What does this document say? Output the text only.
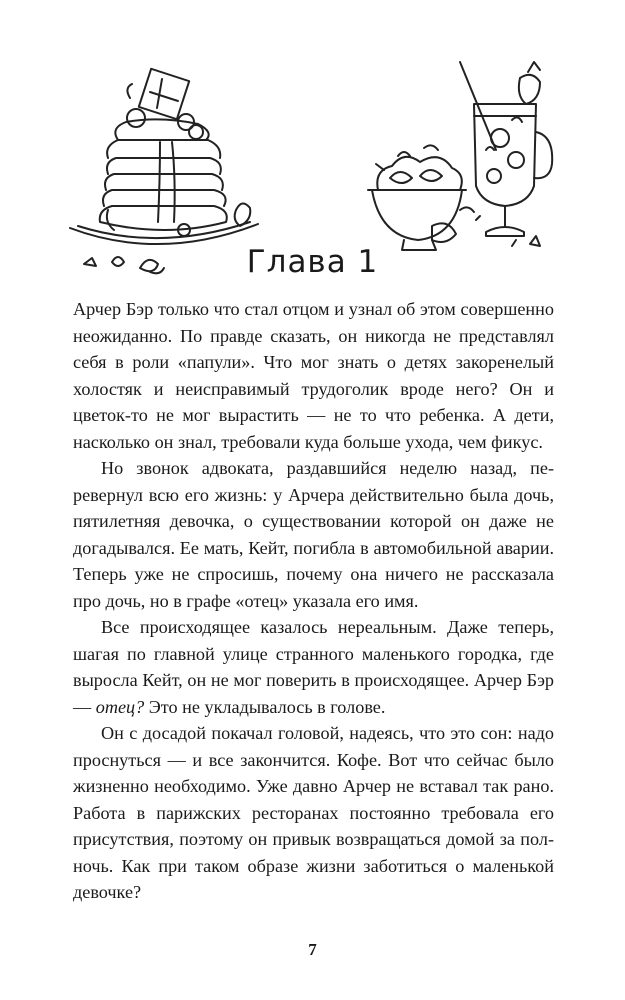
Глава 1

Арчер Бэр только что стал отцом и узнал об этом совершенно неожиданно. По правде сказать, он никогда не представлял себя в роли «папули». Что мог знать о детях закоренелый холостяк и неисправимый трудоголик вроде него? Он и цветок-то не мог вырастить — не то что ребенка. А дети, насколько он знал, требовали куда больше ухода, чем фикус.

Но звонок адвоката, раздавшийся неделю назад, перевернул всю его жизнь: у Арчера действительно была дочь, пятилетняя девочка, о существовании которой он даже не догадывался. Ее мать, Кейт, погибла в автомобильной аварии. Теперь уже не спросишь, почему она ничего не рассказала про дочь, но в графе «отец» указала его имя.

Все происходящее казалось нереальным. Даже теперь, шагая по главной улице странного маленького городка, где выросла Кейт, он не мог поверить в происходящее. Арчер Бэр — отец? Это не укладывалось в голове.

Он с досадой покачал головой, надеясь, что это сон: надо проснуться — и все закончится. Кофе. Вот что сейчас было жизненно необходимо. Уже давно Арчер не вставал так рано. Работа в парижских ресторанах постоянно требовала его присутствия, поэтому он привык возвращаться домой за полночь. Как при таком образе жизни заботиться о маленькой девочке?

7
